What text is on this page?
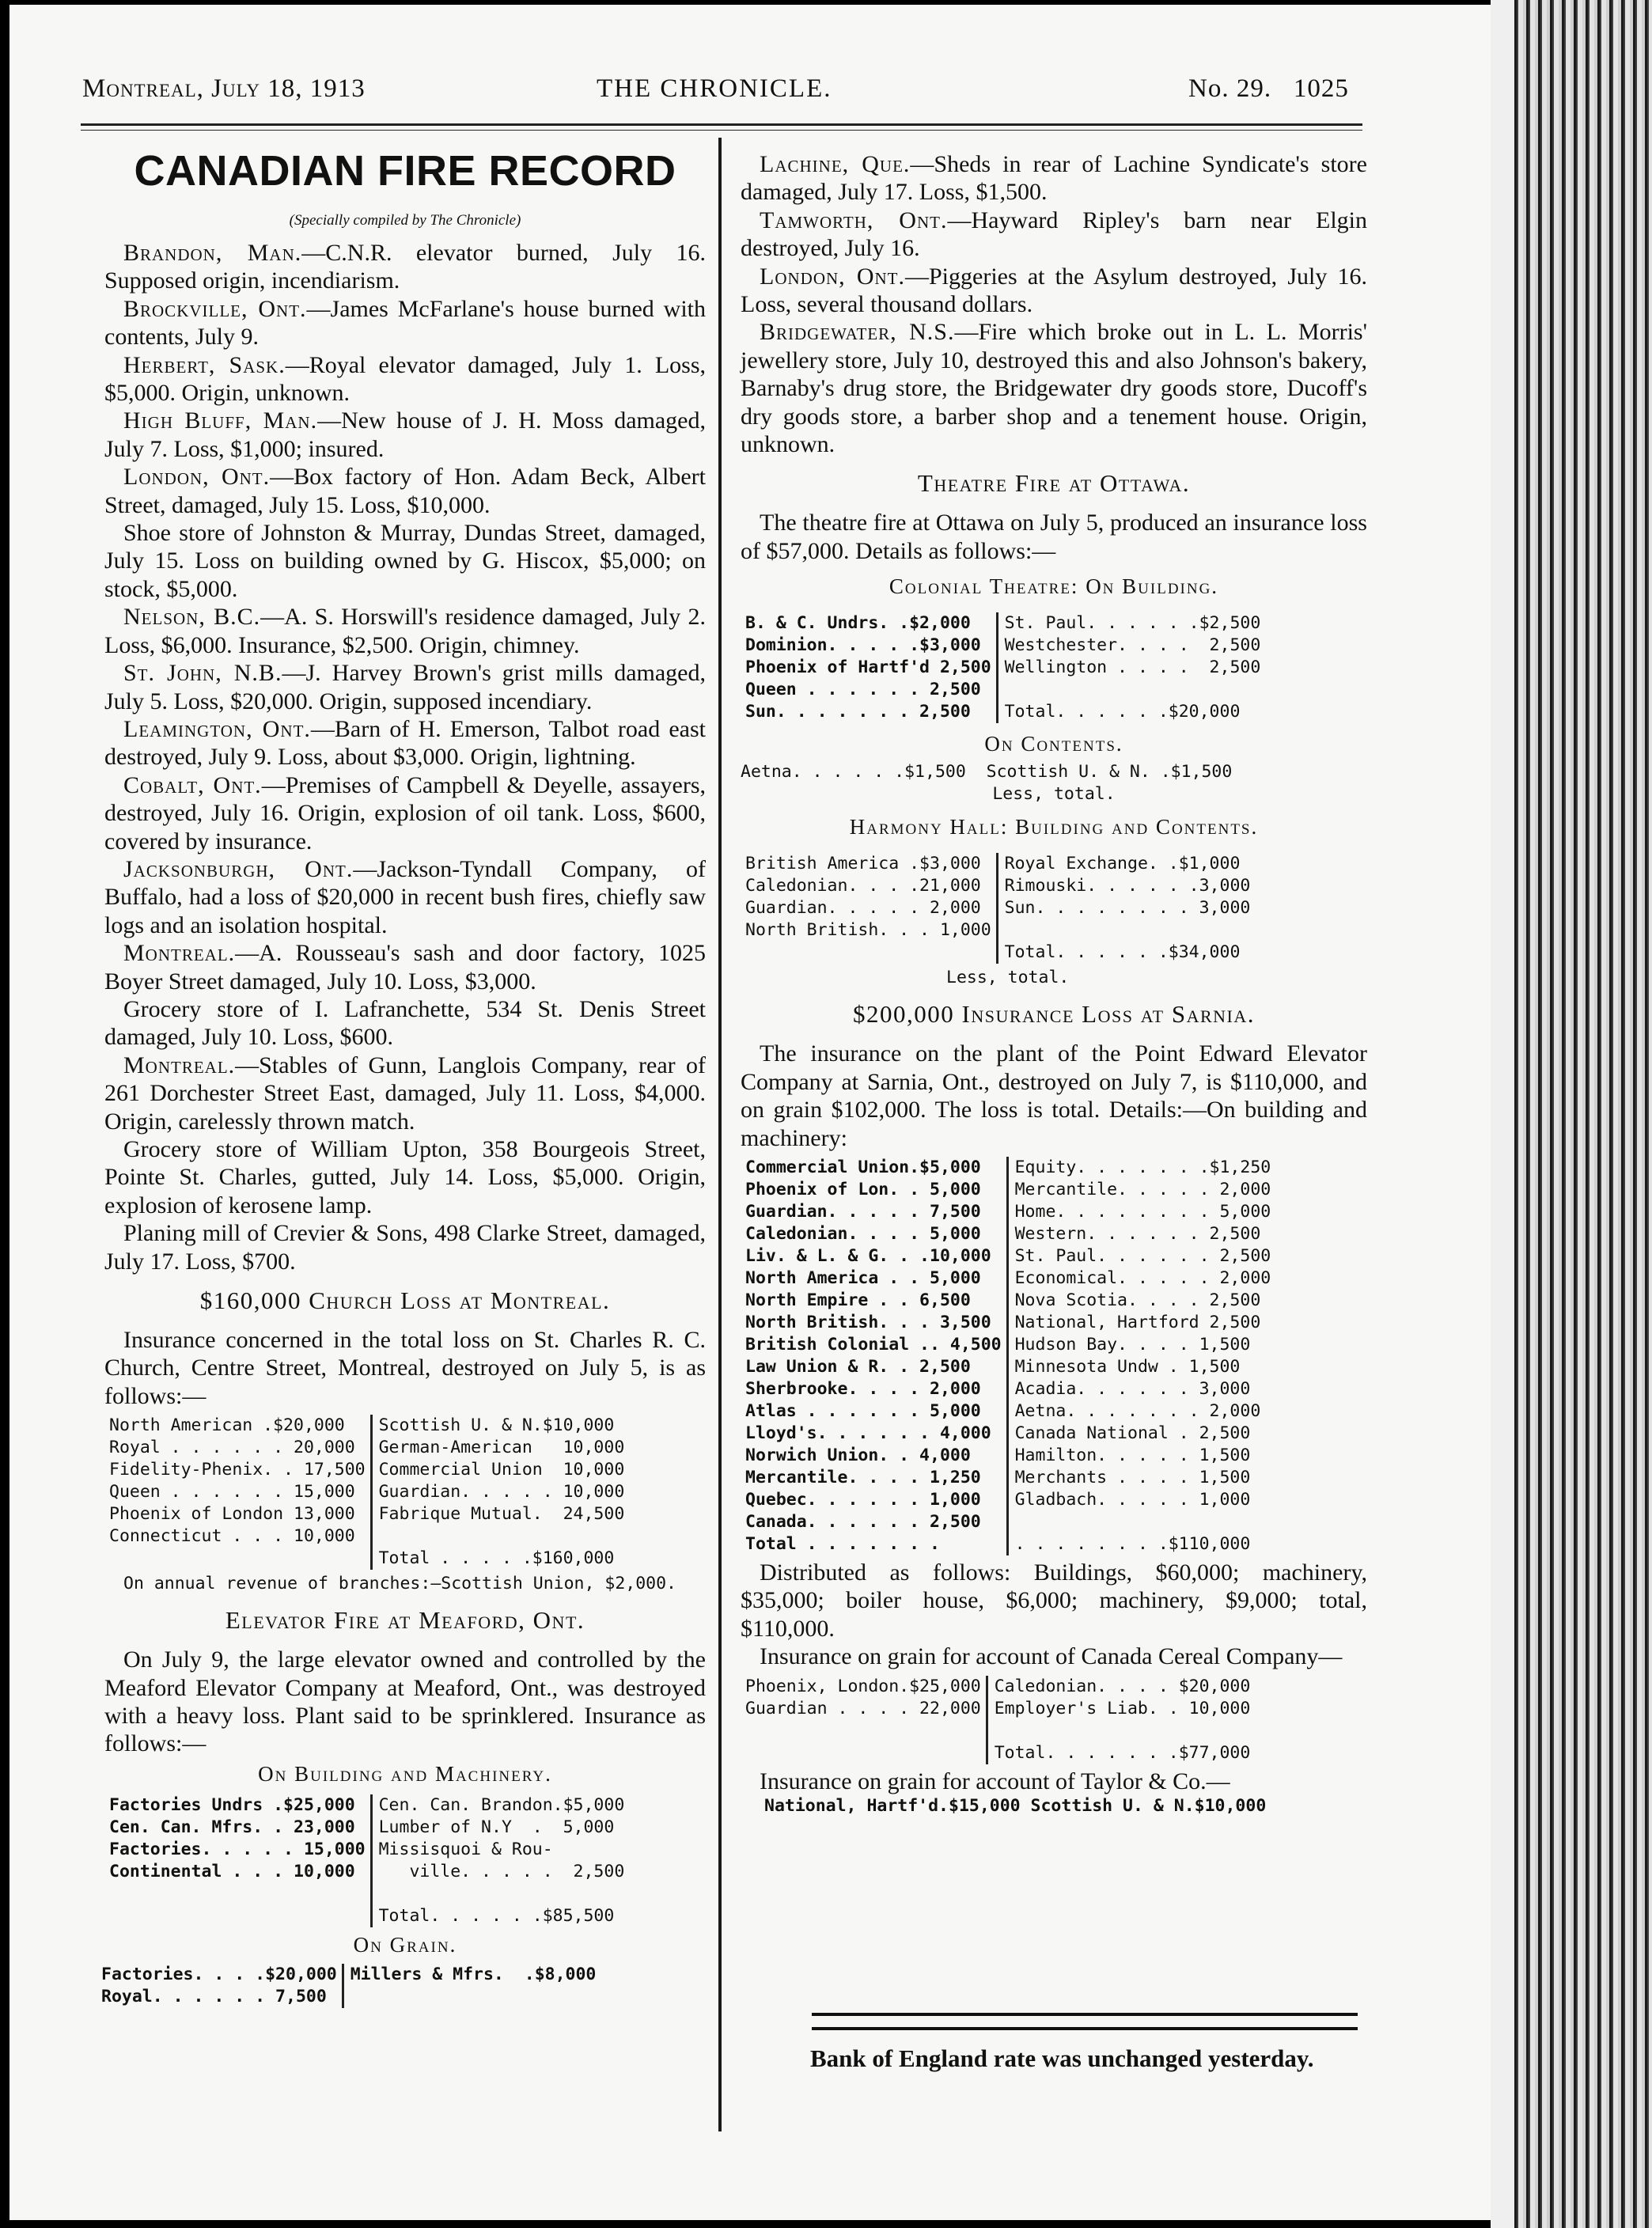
Montreal, July 18, 1913	THE CHRONICLE.	No. 29.   1025
CANADIAN FIRE RECORD
(Specially compiled by The Chronicle)

Brandon, Man.—C.N.R. elevator burned, July 16. Supposed origin, incendiarism.

Brockville, Ont.—James McFarlane's house burned with contents, July 9.

Herbert, Sask.—Royal elevator damaged, July 1. Loss, $5,000. Origin, unknown.

High Bluff, Man.—New house of J. H. Moss damaged, July 7. Loss, $1,000; insured.

London, Ont.—Box factory of Hon. Adam Beck, Albert Street, damaged, July 15. Loss, $10,000.

Shoe store of Johnston & Murray, Dundas Street, damaged, July 15. Loss on building owned by G. Hiscox, $5,000; on stock, $5,000.

Nelson, B.C.—A. S. Horswill's residence damaged, July 2. Loss, $6,000. Insurance, $2,500. Origin, chimney.

St. John, N.B.—J. Harvey Brown's grist mills damaged, July 5. Loss, $20,000. Origin, supposed incendiary.

Leamington, Ont.—Barn of H. Emerson, Talbot road east destroyed, July 9. Loss, about $3,000. Origin, lightning.

Cobalt, Ont.—Premises of Campbell & Deyelle, assayers, destroyed, July 16. Origin, explosion of oil tank. Loss, $600, covered by insurance.

Jacksonburgh, Ont.—Jackson-Tyndall Company, of Buffalo, had a loss of $20,000 in recent bush fires, chiefly saw logs and an isolation hospital.

Montreal.—A. Rousseau's sash and door factory, 1025 Boyer Street damaged, July 10. Loss, $3,000.

Grocery store of I. Lafranchette, 534 St. Denis Street damaged, July 10. Loss, $600.

Montreal.—Stables of Gunn, Langlois Company, rear of 261 Dorchester Street East, damaged, July 11. Loss, $4,000. Origin, carelessly thrown match.

Grocery store of William Upton, 358 Bourgeois Street, Pointe St. Charles, gutted, July 14. Loss, $5,000. Origin, explosion of kerosene lamp.

Planing mill of Crevier & Sons, 498 Clarke Street, damaged, July 17. Loss, $700.

$160,000 Church Loss at Montreal.

Insurance concerned in the total loss on St. Charles R. C. Church, Centre Street, Montreal, destroyed on July 5, is as follows:—

North American .$20,000
Royal . . . . . . 20,000
Fidelity-Phenix. . 17,500
Queen . . . . . . 15,000
Phoenix of London 13,000
Connecticut . . . 10,000
Scottish U. & N.$10,000
German-American   10,000
Commercial Union  10,000
Guardian. . . . . 10,000
Fabrique Mutual.  24,500
Total . . . . .$160,000
On annual revenue of branches:—Scottish Union, $2,000.
Elevator Fire at Meaford, Ont.

On July 9, the large elevator owned and controlled by the Meaford Elevator Company at Meaford, Ont., was destroyed with a heavy loss. Plant said to be sprinklered. Insurance as follows:—

On Building and Machinery.
Factories Undrs .$25,000
Cen. Can. Mfrs. . 23,000
Factories. . . . . 15,000
Continental . . . 10,000
Cen. Can. Brandon.$5,000
Lumber of N.Y  .  5,000
Missisquoi & Rou-
ville. . . . .  2,500
Total. . . . . .$85,500
On Grain.
Factories. . . .$20,000
Royal. . . . . . 7,500
Millers & Mfrs.  .$8,000

Lachine, Que.—Sheds in rear of Lachine Syndicate's store damaged, July 17. Loss, $1,500.

Tamworth, Ont.—Hayward Ripley's barn near Elgin destroyed, July 16.

London, Ont.—Piggeries at the Asylum destroyed, July 16. Loss, several thousand dollars.

Bridgewater, N.S.—Fire which broke out in L. L. Morris' jewellery store, July 10, destroyed this and also Johnson's bakery, Barnaby's drug store, the Bridgewater dry goods store, Ducoff's dry goods store, a barber shop and a tenement house. Origin, unknown.

Theatre Fire at Ottawa.

The theatre fire at Ottawa on July 5, produced an insurance loss of $57,000. Details as follows:—

Colonial Theatre: On Building.
B. & C. Undrs. .$2,000
Dominion. . . . .$3,000
Phoenix of Hartf'd 2,500
Queen . . . . . . 2,500
Sun. . . . . . . 2,500
St. Paul. . . . . .$2,500
Westchester. . . .  2,500
Wellington . . . .  2,500
Total. . . . . .$20,000
On Contents.
Aetna. . . . . .$1,500  Scottish U. & N. .$1,500
Less, total.
Harmony Hall: Building and Contents.
British America .$3,000
Caledonian. . . .21,000
Guardian. . . . . 2,000
North British. . . 1,000
Royal Exchange. .$1,000
Rimouski. . . . . .3,000
Sun. . . . . . . . 3,000
Total. . . . . .$34,000
Less, total.
$200,000 Insurance Loss at Sarnia.

The insurance on the plant of the Point Edward Elevator Company at Sarnia, Ont., destroyed on July 7, is $110,000, and on grain $102,000. The loss is total. Details:—On building and machinery:

Commercial Union.$5,000
Phoenix of Lon. . 5,000
Guardian. . . . . 7,500
Caledonian. . . . 5,000
Liv. & L. & G. . .10,000
North America . . 5,000
North Empire . . 6,500
North British. . . 3,500
British Colonial .. 4,500
Law Union & R. . 2,500
Sherbrooke. . . . 2,000
Atlas . . . . . . 5,000
Lloyd's. . . . . . 4,000
Norwich Union. . 4,000
Mercantile. . . . 1,250
Quebec. . . . . . 1,000
Canada. . . . . . 2,500
Total . . . . . . .
Equity. . . . . . .$1,250
Mercantile. . . . . 2,000
Home. . . . . . . . 5,000
Western. . . . . . 2,500
St. Paul. . . . . . 2,500
Economical. . . . . 2,000
Nova Scotia. . . . 2,500
National, Hartford 2,500
Hudson Bay. . . . 1,500
Minnesota Undw . 1,500
Acadia. . . . . . 3,000
Aetna. . . . . . . 2,000
Canada National . 2,500
Hamilton. . . . . 1,500
Merchants . . . . 1,500
Gladbach. . . . . 1,000
. . . . . . . .$110,000

Distributed as follows: Buildings, $60,000; machinery, $35,000; boiler house, $6,000; machinery, $9,000; total, $110,000.

Insurance on grain for account of Canada Cereal Company—

Phoenix, London.$25,000
Guardian . . . . 22,000
Caledonian. . . . $20,000
Employer's Liab. . 10,000
Total. . . . . . .$77,000

Insurance on grain for account of Taylor & Co.—

National, Hartf'd.$15,000 Scottish U. & N.$10,000
Bank of England rate was unchanged yesterday.
